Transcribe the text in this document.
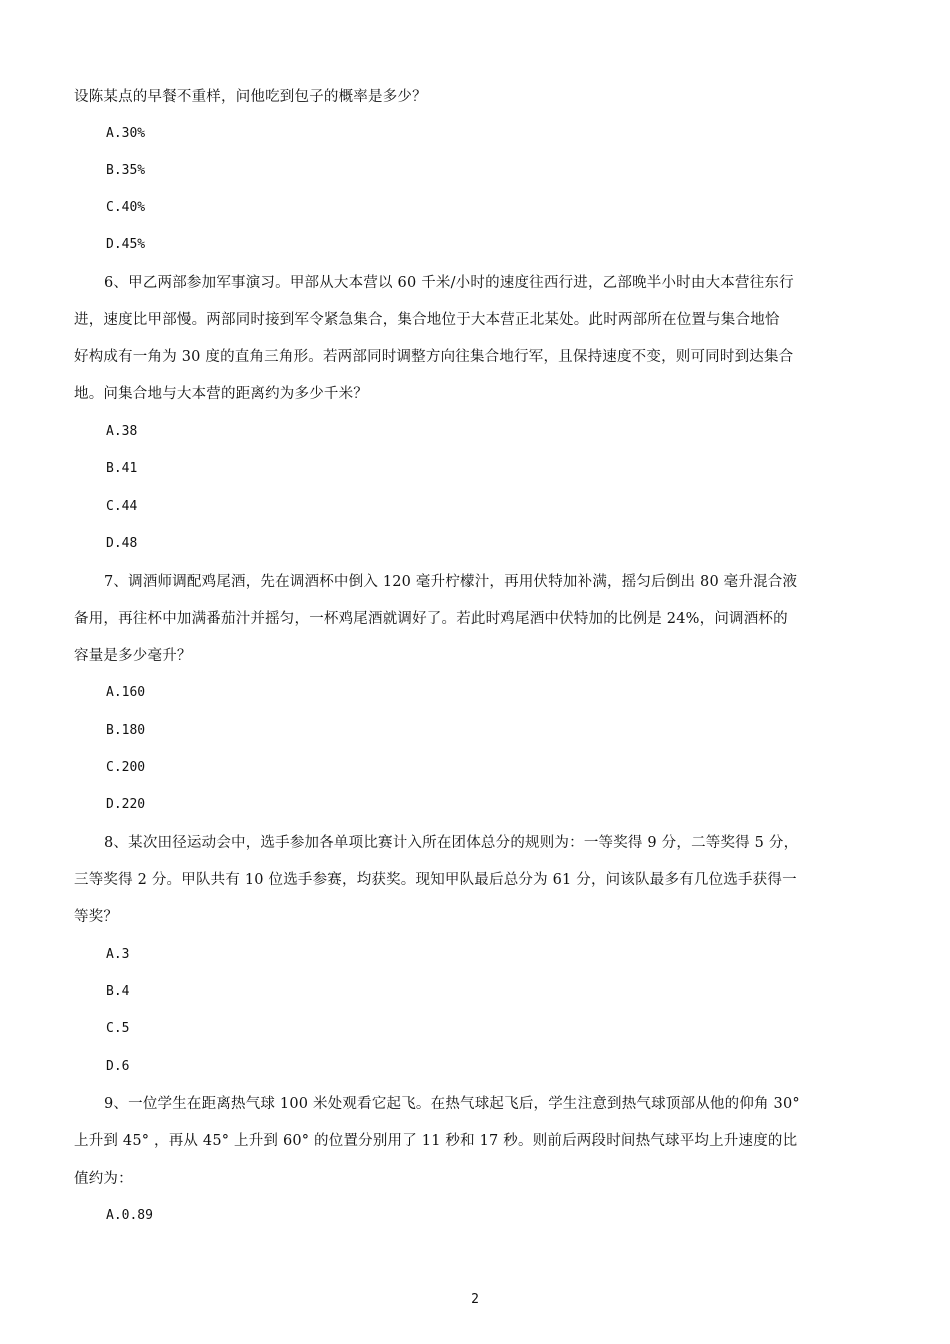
设陈某点的早餐不重样，问他吃到包子的概率是多少？
A.30%
B.35%
C.40%
D.45%
6、甲乙两部参加军事演习。甲部从大本营以 60 千米/小时的速度往西行进，乙部晚半小时由大本营往东行
进，速度比甲部慢。两部同时接到军令紧急集合，集合地位于大本营正北某处。此时两部所在位置与集合地恰
好构成有一角为 30 度的直角三角形。若两部同时调整方向往集合地行军，且保持速度不变，则可同时到达集合
地。问集合地与大本营的距离约为多少千米？
A.38
B.41
C.44
D.48
7、调酒师调配鸡尾酒，先在调酒杯中倒入 120 毫升柠檬汁，再用伏特加补满，摇匀后倒出 80 毫升混合液
备用，再往杯中加满番茄汁并摇匀，一杯鸡尾酒就调好了。若此时鸡尾酒中伏特加的比例是 24%，问调酒杯的
容量是多少毫升？
A.160
B.180
C.200
D.220
8、某次田径运动会中，选手参加各单项比赛计入所在团体总分的规则为：一等奖得 9 分，二等奖得 5 分，
三等奖得 2 分。甲队共有 10 位选手参赛，均获奖。现知甲队最后总分为 61 分，问该队最多有几位选手获得一
等奖？
A.3
B.4
C.5
D.6
9、一位学生在距离热气球 100 米处观看它起飞。在热气球起飞后，学生注意到热气球顶部从他的仰角 30°
上升到 45° ，再从 45° 上升到 60° 的位置分别用了 11 秒和 17 秒。则前后两段时间热气球平均上升速度的比
值约为：
A.0.89
2
